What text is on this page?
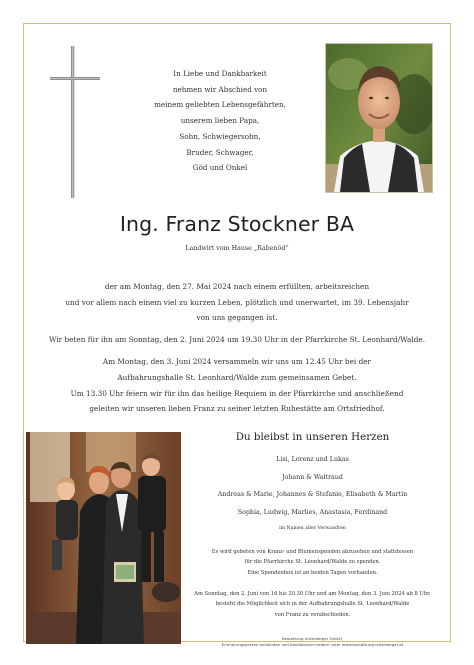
In Liebe und Dankbarkeit
nehmen wir Abschied von
meinem geliebten Lebensgefährten,
unserem lieben Papa,
Sohn, Schwiegersohn,
Bruder, Schwager,
Göd und Onkel
Ing. Franz Stockner BA
Landwirt vom Hause „Rabenöd“

der am Montag, den 27. Mai 2024 nach einem erfüllten, arbeitsreichen
und vor allem nach einem viel zu kurzen Leben, plötzlich und unerwartet, im 39. Lebensjahr
von uns gegangen ist.

Wir beten für ihn am Sonntag, den 2. Juni 2024 um 19.30 Uhr in der Pfarrkirche St. Leonhard/Walde.

Am Montag, den 3. Juni 2024 versammeln wir uns um 12.45 Uhr bei der
Aufbahrungshalle St. Leonhard/Walde zum gemeinsamen Gebet.
Um 13.30 Uhr feiern wir für ihn das heilige Requiem in der Pfarrkirche und anschließend
geleiten wir unseren lieben Franz zu seiner letzten Ruhestätte am Ortsfriedhof.

Du bleibst in unseren Herzen
Lisi, Lorenz und Lukas
Johann & Waltraud
Andreas & Marie, Johannes & Stefanie, Elisabeth & Martin
Sophia, Ludwig, Marlies, Anastasia, Ferdinand
im Namen aller Verwandten
Es wird gebeten von Kranz- und Blumenspenden abzusehen und stattdessen
für die Pfarrkirche St. Leonhard/Walde zu spenden.
Eine Spendenbox ist an beiden Tagen vorhanden.
Am Sonntag, den 2. Juni von 16 bis 20.30 Uhr und am Montag, den 3. Juni 2024 ab 8 Uhr,
besteht die Möglichkeit sich in der Aufbahrungshalle St. Leonhard/Walde
von Franz zu verabschieden.
Bestattung Unterberger GmbH,
Erinnerungskerzen entzünden und Kondolenzschreiben unter www.bestattung-unterberger.at
